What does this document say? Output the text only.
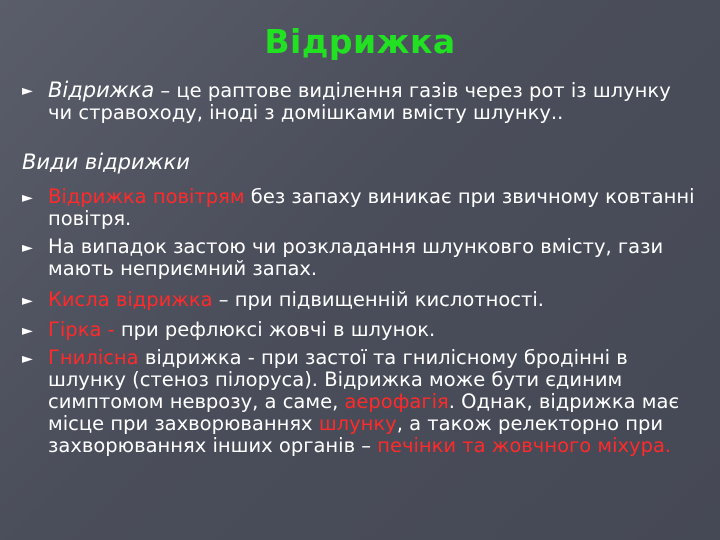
Відрижка
► Відрижка – це раптове виділення газів через рот із шлунку чи стравоходу, іноді з домішками вмісту шлунку..
Види відрижки
► Відрижка повітрям без запаху виникає при звичному ковтанні повітря.
► На випадок застою чи розкладання шлунковго вмісту, гази мають неприємний запах.
► Кисла відрижка – при підвищенній кислотності.
► Гірка - при рефлюксі жовчі в шлунок.
► Гнилісна відрижка - при застої та гнилісному бродінні в шлунку (стеноз пілоруса). Відрижка може бути єдиним симптомом неврозу, а саме, аерофагія. Однак, відрижка має місце при захворюваннях шлунку, а також релекторно при захворюваннях інших органів – печінки та жовчного міхура.
